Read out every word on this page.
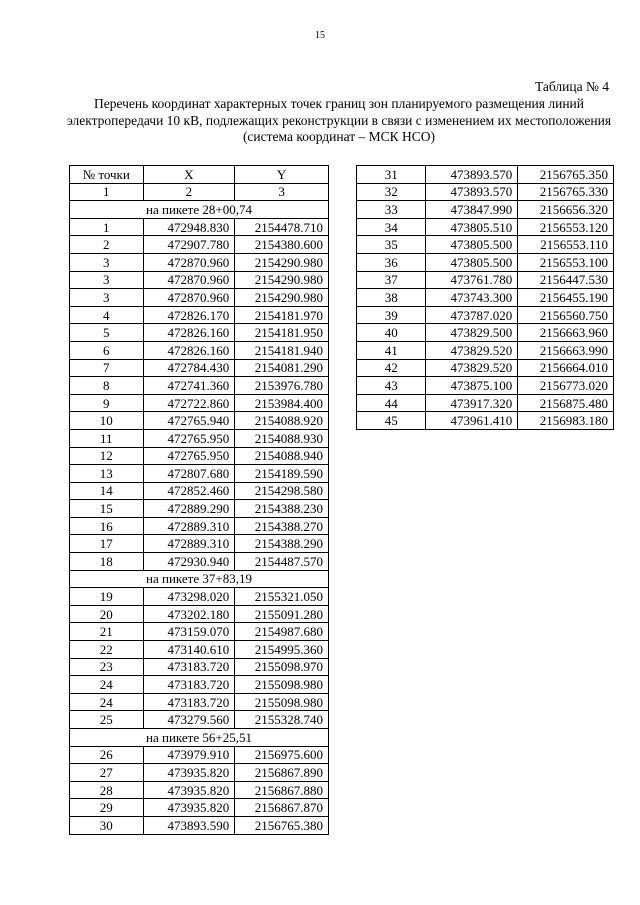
15
Таблица № 4
Перечень координат характерных точек границ зон планируемого размещения линий электропередачи 10 кВ, подлежащих реконструкции в связи с изменением их местоположения (система координат – МСК НСО)
№ точки	X	Y
1	2	3
на пикете 28+00,74		
1	472948.830	2154478.710
2	472907.780	2154380.600
3	472870.960	2154290.980
3	472870.960	2154290.980
3	472870.960	2154290.980
4	472826.170	2154181.970
5	472826.160	2154181.950
6	472826.160	2154181.940
7	472784.430	2154081.290
8	472741.360	2153976.780
9	472722.860	2153984.400
10	472765.940	2154088.920
11	472765.950	2154088.930
12	472765.950	2154088.940
13	472807.680	2154189.590
14	472852.460	2154298.580
15	472889.290	2154388.230
16	472889.310	2154388.270
17	472889.310	2154388.290
18	472930.940	2154487.570
на пикете 37+83,19		
19	473298.020	2155321.050
20	473202.180	2155091.280
21	473159.070	2154987.680
22	473140.610	2154995.360
23	473183.720	2155098.970
24	473183.720	2155098.980
24	473183.720	2155098.980
25	473279.560	2155328.740
на пикете 56+25,51		
26	473979.910	2156975.600
27	473935.820	2156867.890
28	473935.820	2156867.880
29	473935.820	2156867.870
30	473893.590	2156765.380
31	473893.570	2156765.350
32	473893.570	2156765.330
33	473847.990	2156656.320
34	473805.510	2156553.120
35	473805.500	2156553.110
36	473805.500	2156553.100
37	473761.780	2156447.530
38	473743.300	2156455.190
39	473787.020	2156560.750
40	473829.500	2156663.960
41	473829.520	2156663.990
42	473829.520	2156664.010
43	473875.100	2156773.020
44	473917.320	2156875.480
45	473961.410	2156983.180
